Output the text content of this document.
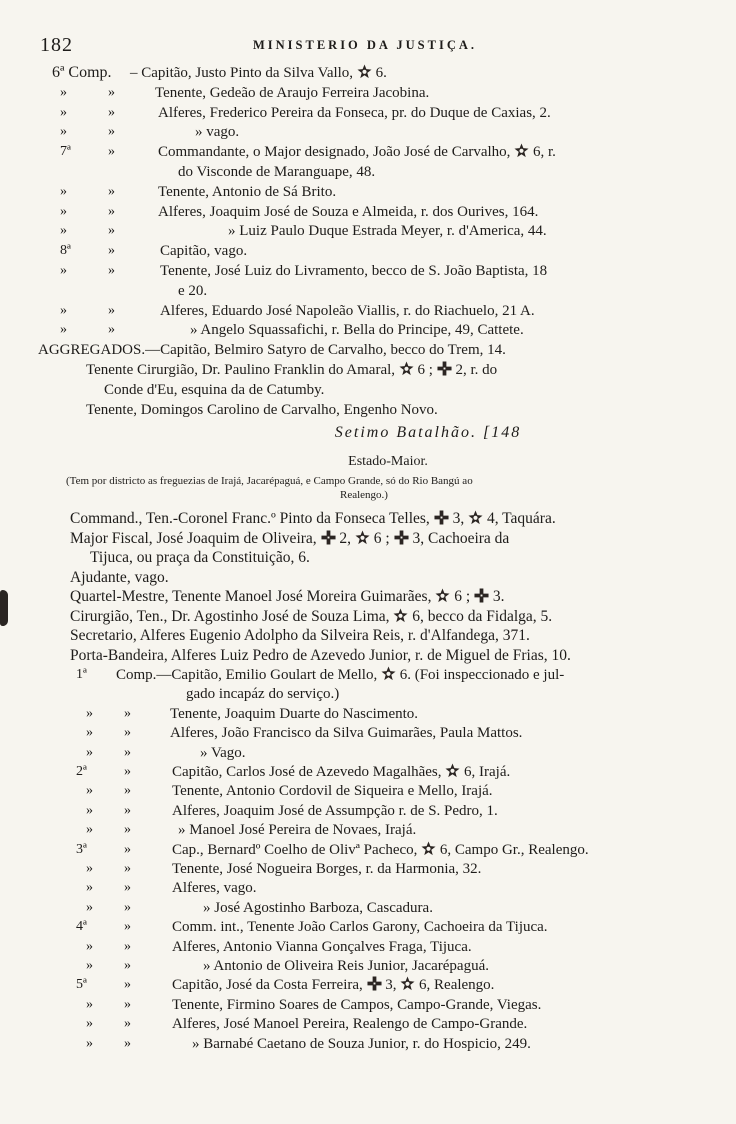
182	MINISTERIO DA JUSTIÇA.
6ª Comp. – Capitão, Justo Pinto da Silva Vallo, 6.
»	»	Tenente, Gedeão de Araujo Ferreira Jacobina.
»	»	Alferes, Frederico Pereira da Fonseca, pr. do Duque de Caxias, 2.
»	»	» vago.
7ª	»	Commandante, o Major designado, João José de Carvalho, 6, r.
do Visconde de Maranguape, 48.
»	»	Tenente, Antonio de Sá Brito.
»	»	Alferes, Joaquim José de Souza e Almeida, r. dos Ourives, 164.
»	»	» Luiz Paulo Duque Estrada Meyer, r. d'America, 44.
8ª	»	Capitão, vago.
»	»	Tenente, José Luiz do Livramento, becco de S. João Baptista, 18
e 20.
»	»	Alferes, Eduardo José Napoleão Viallis, r. do Riachuelo, 21 A.
»	»	» Angelo Squassafichi, r. Bella do Principe, 49, Cattete.
AGGREGADOS.—Capitão, Belmiro Satyro de Carvalho, becco do Trem, 14.
Tenente Cirurgião, Dr. Paulino Franklin do Amaral, 6 ; 2, r. do
Conde d'Eu, esquina da de Catumby.
Tenente, Domingos Carolino de Carvalho, Engenho Novo.
Setimo Batalhão. [148
Estado-Maior.
(Tem por districto as freguezias de Irajá, Jacarépaguá, e Campo Grande, só do Rio Bangú ao
Realengo.)
Command., Ten.-Coronel Franc.º Pinto da Fonseca Telles, 3, 4, Taquára.
Major Fiscal, José Joaquim de Oliveira, 2, 6 ; 3, Cachoeira da
Tijuca, ou praça da Constituição, 6.
Ajudante, vago.
Quartel-Mestre, Tenente Manoel José Moreira Guimarães, 6 ; 3.
Cirurgião, Ten., Dr. Agostinho José de Souza Lima, 6, becco da Fidalga, 5.
Secretario, Alferes Eugenio Adolpho da Silveira Reis, r. d'Alfandega, 371.
Porta-Bandeira, Alferes Luiz Pedro de Azevedo Junior, r. de Miguel de Frias, 10.
1ª Comp.—Capitão, Emilio Goulart de Mello, 6. (Foi inspeccionado e jul-
gado incapáz do serviço.)
» »	Tenente, Joaquim Duarte do Nascimento.
» »	Alferes, João Francisco da Silva Guimarães, Paula Mattos.
» »	» Vago.
2ª	»	Capitão, Carlos José de Azevedo Magalhães, 6, Irajá.
» »	Tenente, Antonio Cordovil de Siqueira e Mello, Irajá.
» »	Alferes, Joaquim José de Assumpção r. de S. Pedro, 1.
» »	» Manoel José Pereira de Novaes, Irajá.
3ª	»	Cap., Bernardº Coelho de Olivª Pacheco, 6, Campo Gr., Realengo.
» »	Tenente, José Nogueira Borges, r. da Harmonia, 32.
» »	Alferes, vago.
» »	» José Agostinho Barboza, Cascadura.
4ª	»	Comm. int., Tenente João Carlos Garony, Cachoeira da Tijuca.
» »	Alferes, Antonio Vianna Gonçalves Fraga, Tijuca.
» »	» Antonio de Oliveira Reis Junior, Jacarépaguá.
5ª	»	Capitão, José da Costa Ferreira, 3, 6, Realengo.
» »	Tenente, Firmino Soares de Campos, Campo-Grande, Viegas.
» »	Alferes, José Manoel Pereira, Realengo de Campo-Grande.
» »	» Barnabé Caetano de Souza Junior, r. do Hospicio, 249.
